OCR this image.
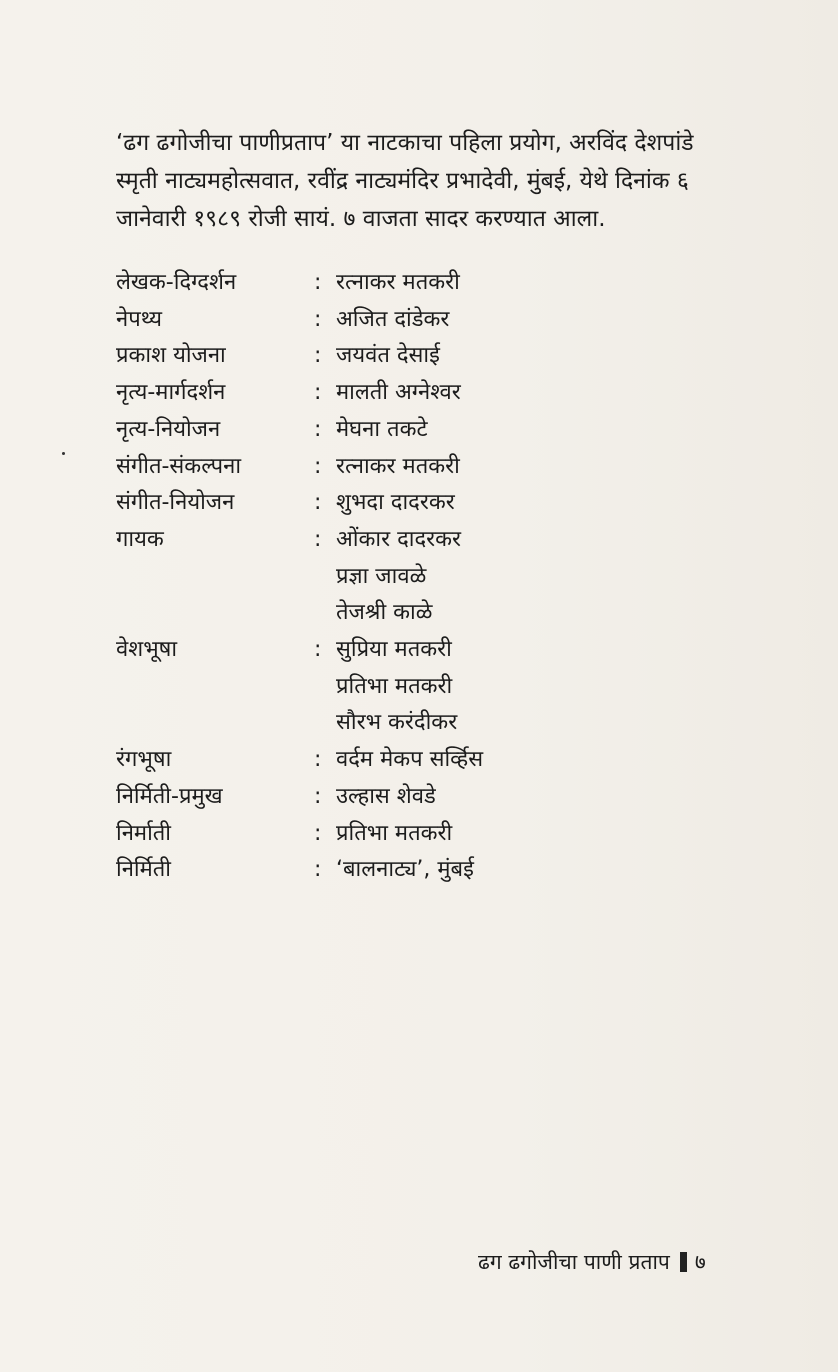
‘ढग ढगोजीचा पाणीप्रताप’ या नाटकाचा पहिला प्रयोग, अरविंद देशपांडे
स्मृती नाट्यमहोत्सवात, रवींद्र नाट्यमंदिर प्रभादेवी, मुंबई, येथे दिनांक ६
जानेवारी १९८९ रोजी सायं. ७ वाजता सादर करण्यात आला.
लेखक-दिग्दर्शन	: रत्नाकर मतकरी
नेपथ्य	: अजित दांडेकर
प्रकाश योजना	: जयवंत देसाई
नृत्य-मार्गदर्शन	: मालती अग्नेश्वर
नृत्य-नियोजन	: मेघना तकटे
संगीत-संकल्पना	: रत्नाकर मतकरी
संगीत-नियोजन	: शुभदा दादरकर
गायक	: ओंकार दादरकर
प्रज्ञा जावळे
तेजश्री काळे
वेशभूषा	: सुप्रिया मतकरी
प्रतिभा मतकरी
सौरभ करंदीकर
रंगभूषा	: वर्दम मेकप सर्व्हिस
निर्मिती-प्रमुख	: उल्हास शेवडे
निर्माती	: प्रतिभा मतकरी
निर्मिती	: ‘बालनाट्य’, मुंबई
ढग ढगोजीचा पाणी प्रताप ७
